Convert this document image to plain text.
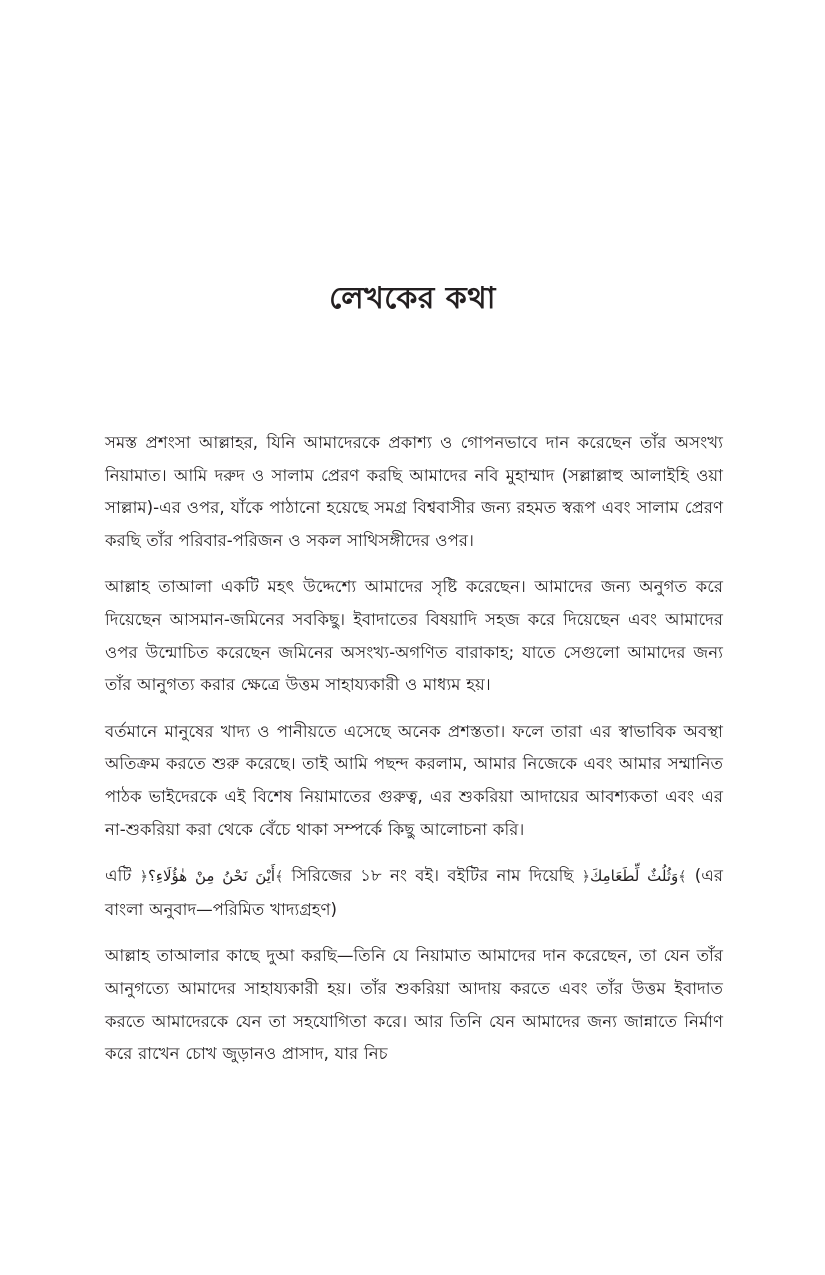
লেখকের কথা

সমস্ত প্রশংসা আল্লাহর, যিনি আমাদেরকে প্রকাশ্য ও গোপনভাবে দান করেছেন তাঁর অসংখ্য নিয়ামাত। আমি দরুদ ও সালাম প্রেরণ করছি আমাদের নবি মুহাম্মাদ (সল্লাল্লাহু আলাইহি ওয়া সাল্লাম)-এর ওপর, যাঁকে পাঠানো হয়েছে সমগ্র বিশ্ববাসীর জন্য রহমত স্বরূপ এবং সালাম প্রেরণ করছি তাঁর পরিবার-পরিজন ও সকল সাথিসঙ্গীদের ওপর।

আল্লাহ তাআলা একটি মহৎ উদ্দেশ্যে আমাদের সৃষ্টি করেছেন। আমাদের জন্য অনুগত করে দিয়েছেন আসমান-জমিনের সবকিছু। ইবাদাতের বিষয়াদি সহজ করে দিয়েছেন এবং আমাদের ওপর উন্মোচিত করেছেন জমিনের অসংখ্য-অগণিত বারাকাহ; যাতে সেগুলো আমাদের জন্য তাঁর আনুগত্য করার ক্ষেত্রে উত্তম সাহায্যকারী ও মাধ্যম হয়।

বর্তমানে মানুষের খাদ্য ও পানীয়তে এসেছে অনেক প্রশস্ততা। ফলে তারা এর স্বাভাবিক অবস্থা অতিক্রম করতে শুরু করেছে। তাই আমি পছন্দ করলাম, আমার নিজেকে এবং আমার সম্মানিত পাঠক ভাইদেরকে এই বিশেষ নিয়ামাতের গুরুত্ব, এর শুকরিয়া আদায়ের আবশ্যকতা এবং এর না-শুকরিয়া করা থেকে বেঁচে থাকা সম্পর্কে কিছু আলোচনা করি।

এটি ﴿أَيْنَ نَحْنُ مِنْ هٰؤُلَاءِ؟﴾ সিরিজের ১৮ নং বই। বইটির নাম দিয়েছি ﴿وَثُلُثٌ لِّطَعَامِكَ﴾ (এর বাংলা অনুবাদ—পরিমিত খাদ্যগ্রহণ)

আল্লাহ তাআলার কাছে দুআ করছি—তিনি যে নিয়ামাত আমাদের দান করেছেন, তা যেন তাঁর আনুগত্যে আমাদের সাহায্যকারী হয়। তাঁর শুকরিয়া আদায় করতে এবং তাঁর উত্তম ইবাদাত করতে আমাদেরকে যেন তা সহযোগিতা করে। আর তিনি যেন আমাদের জন্য জান্নাতে নির্মাণ করে রাখেন চোখ জুড়ানও প্রাসাদ, যার নিচ
